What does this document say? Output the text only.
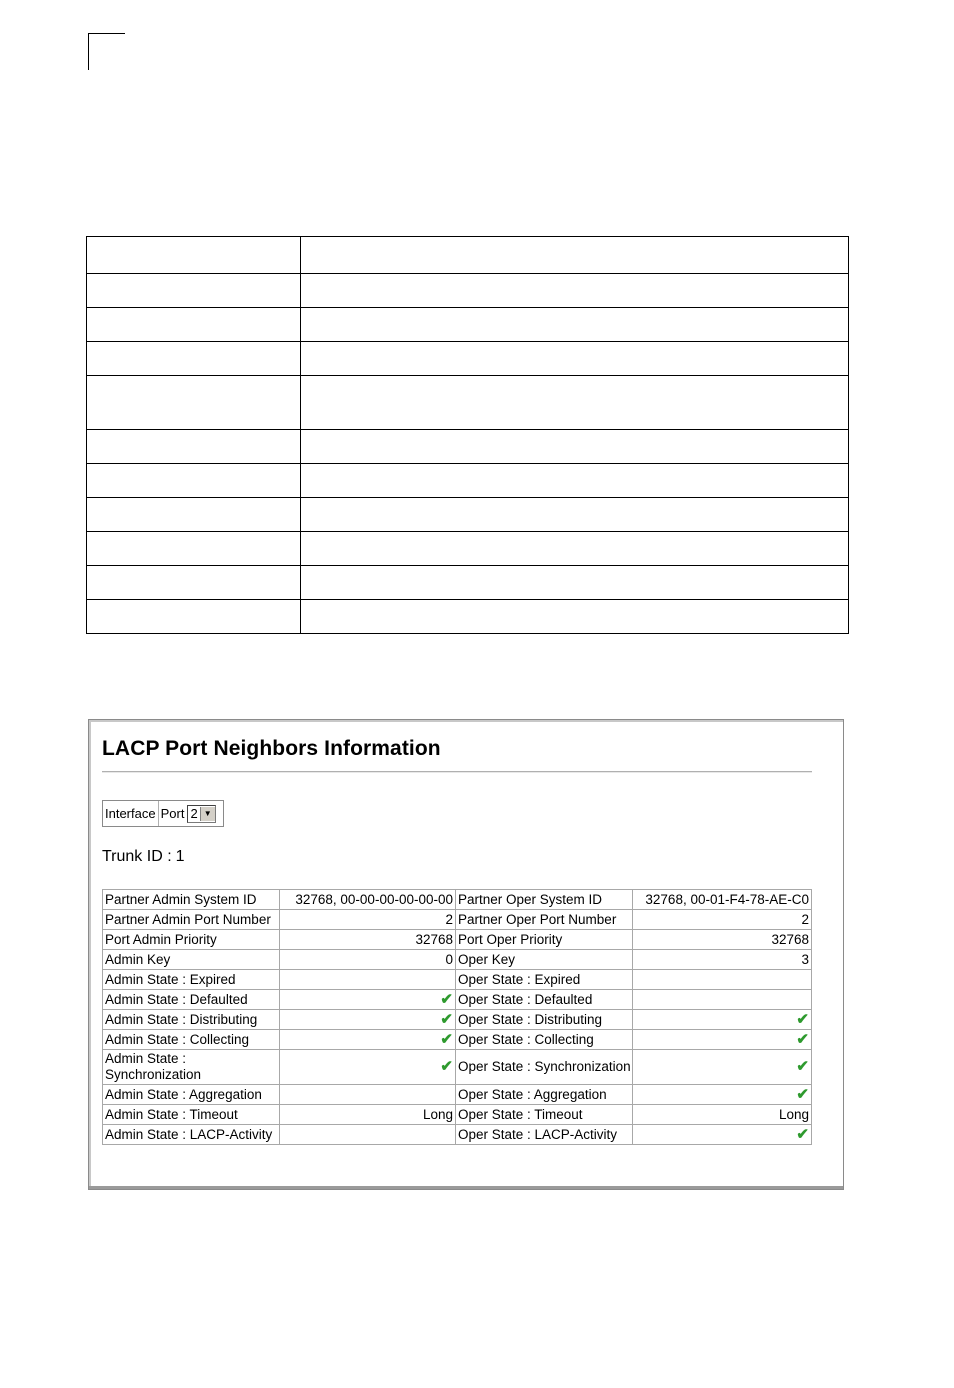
LACP Port Neighbors Information
Interface Port 2 ▼
Trunk ID : 1
Partner Admin System ID	32768, 00-00-00-00-00-00	Partner Oper System ID	32768, 00-01-F4-78-AE-C0
Partner Admin Port Number	2	Partner Oper Port Number	2
Port Admin Priority	32768	Port Oper Priority	32768
Admin Key	0	Oper Key	3
Admin State : Expired		Oper State : Expired	
Admin State : Defaulted	✔	Oper State : Defaulted	
Admin State : Distributing	✔	Oper State : Distributing	✔
Admin State : Collecting	✔	Oper State : Collecting	✔
Admin State : Synchronization	✔	Oper State : Synchronization	✔
Admin State : Aggregation		Oper State : Aggregation	✔
Admin State : Timeout	Long	Oper State : Timeout	Long
Admin State : LACP-Activity		Oper State : LACP-Activity	✔
